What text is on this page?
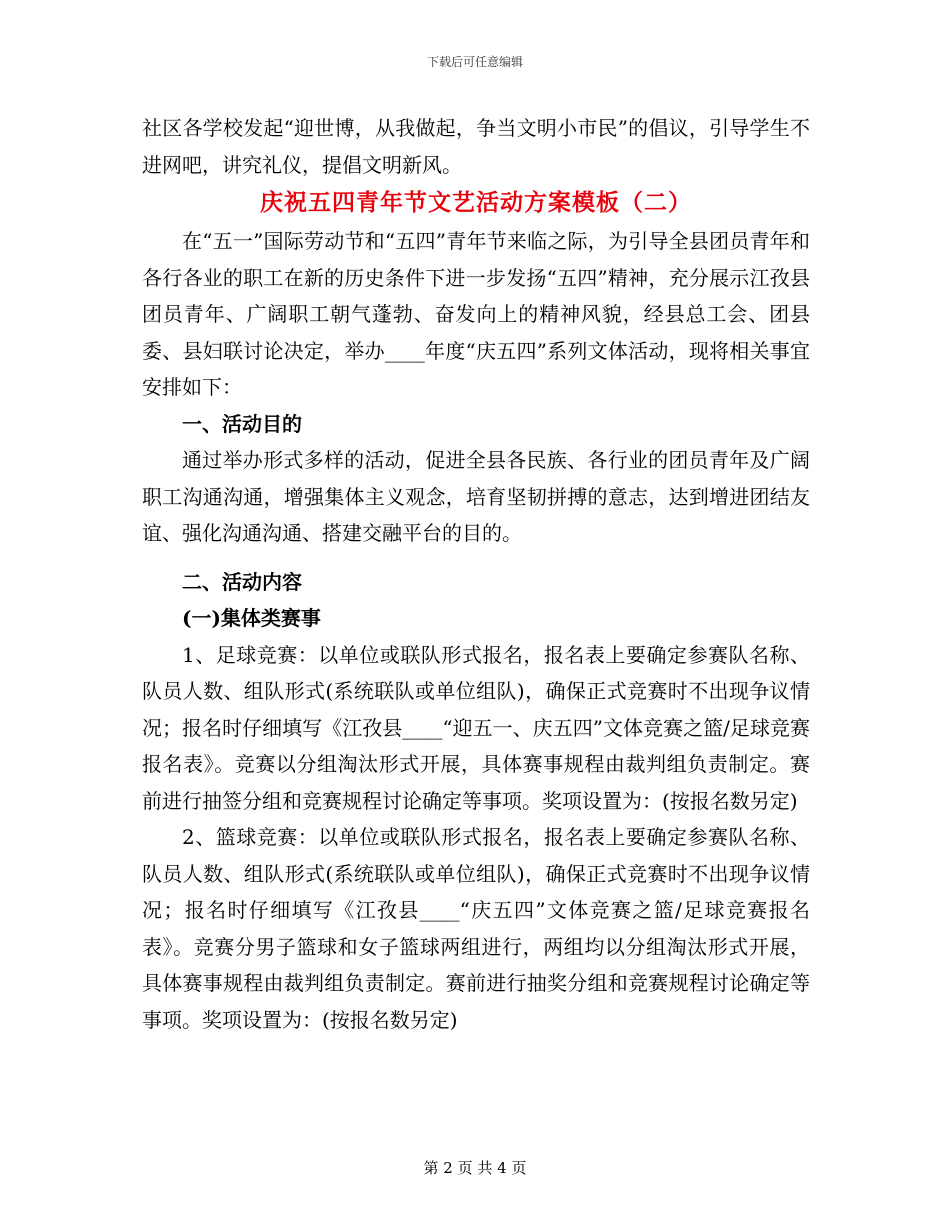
下载后可任意编辑

社区各学校发起“迎世博，从我做起，争当文明小市民”的倡议，引导学生不进网吧，讲究礼仪，提倡文明新风。

庆祝五四青年节文艺活动方案模板（二）

在“五一”国际劳动节和“五四”青年节来临之际，为引导全县团员青年和各行各业的职工在新的历史条件下进一步发扬“五四”精神，充分展示江孜县团员青年、广阔职工朝气蓬勃、奋发向上的精神风貌，经县总工会、团县委、县妇联讨论决定，举办____年度“庆五四”系列文体活动，现将相关事宜安排如下：

一、活动目的

通过举办形式多样的活动，促进全县各民族、各行业的团员青年及广阔职工沟通沟通，增强集体主义观念，培育坚韧拼搏的意志，达到增进团结友谊、强化沟通沟通、搭建交融平台的目的。

二、活动内容

(一)集体类赛事

1、足球竞赛：以单位或联队形式报名，报名表上要确定参赛队名称、队员人数、组队形式(系统联队或单位组队)，确保正式竞赛时不出现争议情况；报名时仔细填写《江孜县____“迎五一、庆五四”文体竞赛之篮/足球竞赛报名表》。竞赛以分组淘汰形式开展，具体赛事规程由裁判组负责制定。赛前进行抽签分组和竞赛规程讨论确定等事项。奖项设置为：(按报名数另定)

2、篮球竞赛：以单位或联队形式报名，报名表上要确定参赛队名称、队员人数、组队形式(系统联队或单位组队)，确保正式竞赛时不出现争议情况；报名时仔细填写《江孜县____“庆五四”文体竞赛之篮/足球竞赛报名表》。竞赛分男子篮球和女子篮球两组进行，两组均以分组淘汰形式开展，具体赛事规程由裁判组负责制定。赛前进行抽奖分组和竞赛规程讨论确定等事项。奖项设置为：(按报名数另定)

第 2 页 共 4 页
